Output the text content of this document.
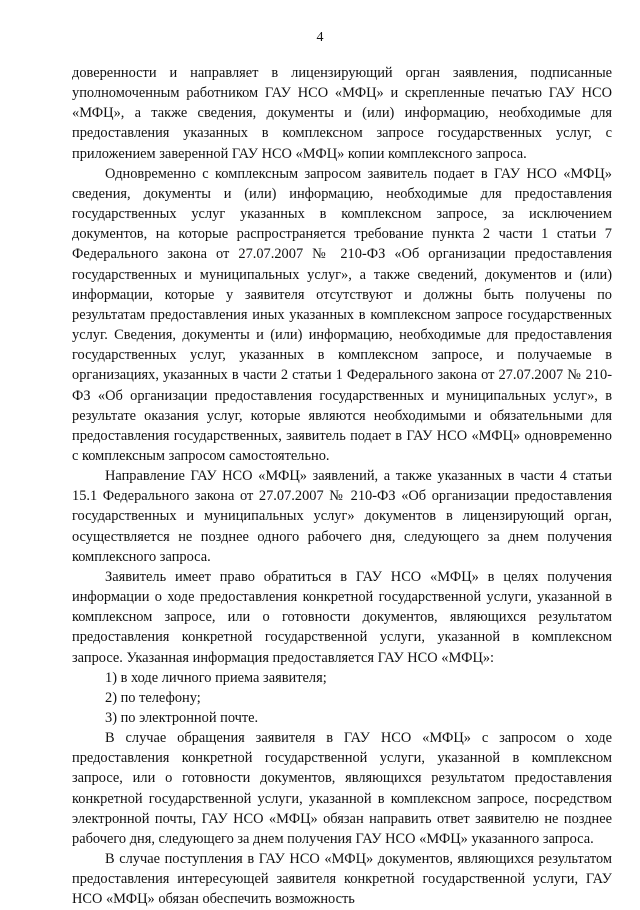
4

доверенности и направляет в лицензирующий орган заявления, подписанные уполномоченным работником ГАУ НСО «МФЦ» и скрепленные печатью ГАУ НСО «МФЦ», а также сведения, документы и (или) информацию, необходимые для предоставления указанных в комплексном запросе государственных услуг, с приложением заверенной ГАУ НСО «МФЦ» копии комплексного запроса.

Одновременно с комплексным запросом заявитель подает в ГАУ НСО «МФЦ» сведения, документы и (или) информацию, необходимые для предоставления государственных услуг указанных в комплексном запросе, за исключением документов, на которые распространяется требование пункта 2 части 1 статьи 7 Федерального закона от 27.07.2007 № 210-ФЗ «Об организации предоставления государственных и муниципальных услуг», а также сведений, документов и (или) информации, которые у заявителя отсутствуют и должны быть получены по результатам предоставления иных указанных в комплексном запросе государственных услуг. Сведения, документы и (или) информацию, необходимые для предоставления государственных услуг, указанных в комплексном запросе, и получаемые в организациях, указанных в части 2 статьи 1 Федерального закона от 27.07.2007 № 210-ФЗ «Об организации предоставления государственных и муниципальных услуг», в результате оказания услуг, которые являются необходимыми и обязательными для предоставления государственных, заявитель подает в ГАУ НСО «МФЦ» одновременно с комплексным запросом самостоятельно.

Направление ГАУ НСО «МФЦ» заявлений, а также указанных в части 4 статьи 15.1 Федерального закона от 27.07.2007 № 210-ФЗ «Об организации предоставления государственных и муниципальных услуг» документов в лицензирующий орган, осуществляется не позднее одного рабочего дня, следующего за днем получения комплексного запроса.

Заявитель имеет право обратиться в ГАУ НСО «МФЦ» в целях получения информации о ходе предоставления конкретной государственной услуги, указанной в комплексном запросе, или о готовности документов, являющихся результатом предоставления конкретной государственной услуги, указанной в комплексном запросе. Указанная информация предоставляется ГАУ НСО «МФЦ»:

1) в ходе личного приема заявителя;

2) по телефону;

3) по электронной почте.

В случае обращения заявителя в ГАУ НСО «МФЦ» с запросом о ходе предоставления конкретной государственной услуги, указанной в комплексном запросе, или о готовности документов, являющихся результатом предоставления конкретной государственной услуги, указанной в комплексном запросе, посредством электронной почты, ГАУ НСО «МФЦ» обязан направить ответ заявителю не позднее рабочего дня, следующего за днем получения ГАУ НСО «МФЦ» указанного запроса.

В случае поступления в ГАУ НСО «МФЦ» документов, являющихся результатом предоставления интересующей заявителя конкретной государственной услуги, ГАУ НСО «МФЦ» обязан обеспечить возможность
